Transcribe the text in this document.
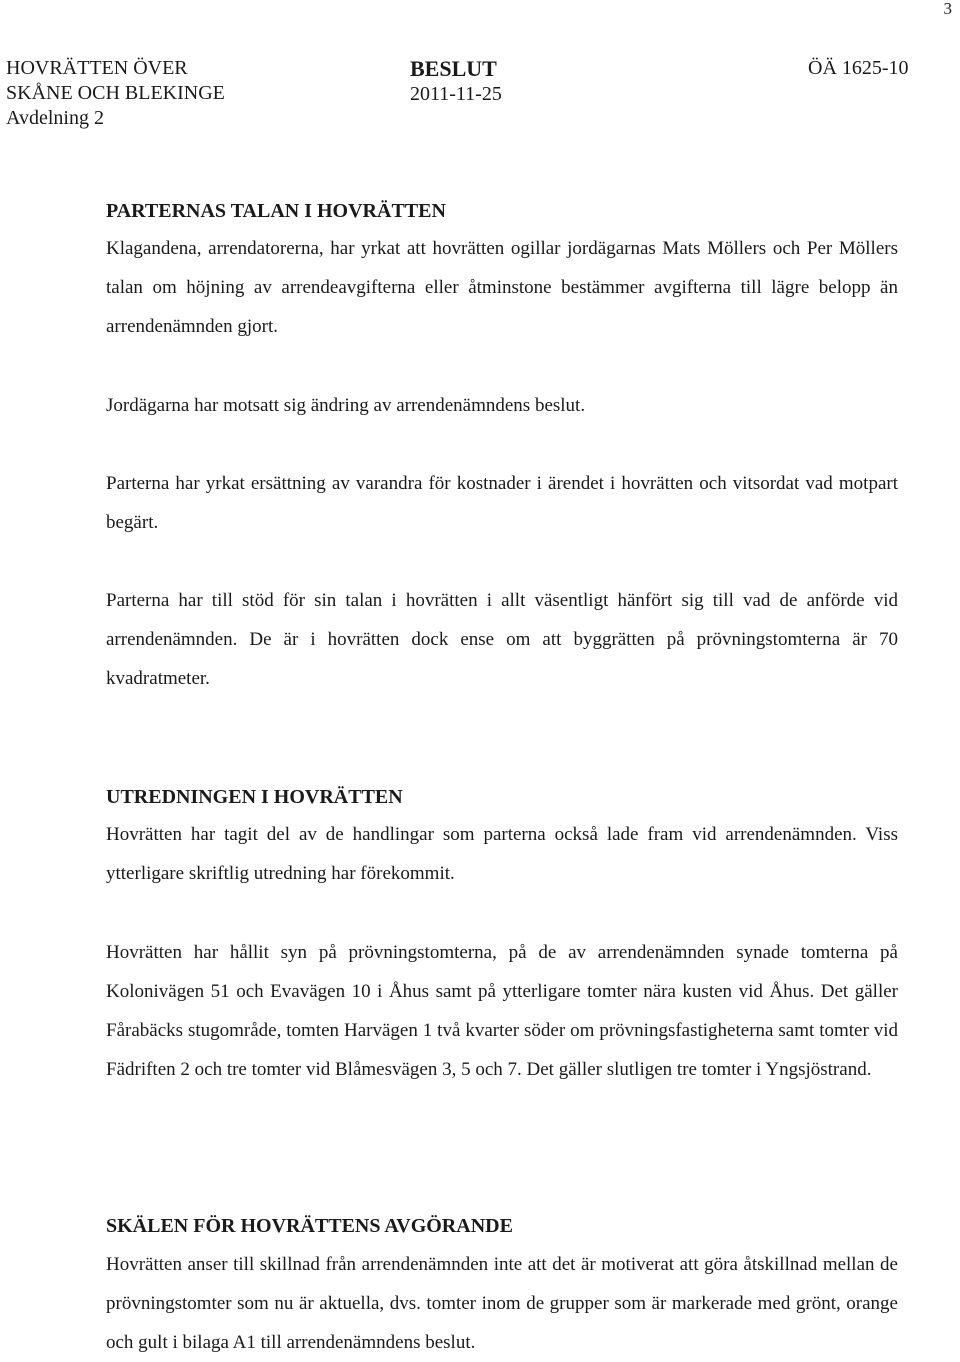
3
HOVRÄTTEN ÖVER
SKÅNE OCH BLEKINGE
Avdelning 2
BESLUT
2011-11-25
ÖÄ 1625-10
PARTERNAS TALAN I HOVRÄTTEN

Klagandena, arrendatorerna, har yrkat att hovrätten ogillar jordägarnas Mats Möllers och Per Möllers talan om höjning av arrendeavgifterna eller åtminstone bestämmer avgifterna till lägre belopp än arrendenämnden gjort.

Jordägarna har motsatt sig ändring av arrendenämndens beslut.

Parterna har yrkat ersättning av varandra för kostnader i ärendet i hovrätten och vitsordat vad motpart begärt.

Parterna har till stöd för sin talan i hovrätten i allt väsentligt hänfört sig till vad de anförde vid arrendenämnden. De är i hovrätten dock ense om att byggrätten på prövningstomterna är 70 kvadratmeter.

UTREDNINGEN I HOVRÄTTEN

Hovrätten har tagit del av de handlingar som parterna också lade fram vid arrendenämnden. Viss ytterligare skriftlig utredning har förekommit.

Hovrätten har hållit syn på prövningstomterna, på de av arrendenämnden synade tomterna på Kolonivägen 51 och Evavägen 10 i Åhus samt på ytterligare tomter nära kusten vid Åhus. Det gäller Fårabäcks stugområde, tomten Harvägen 1 två kvarter söder om prövningsfastigheterna samt tomter vid Fädriften 2 och tre tomter vid Blåmesvägen 3, 5 och 7. Det gäller slutligen tre tomter i Yngsjöstrand.

SKÄLEN FÖR HOVRÄTTENS AVGÖRANDE

Hovrätten anser till skillnad från arrendenämnden inte att det är motiverat att göra åtskillnad mellan de prövningstomter som nu är aktuella, dvs. tomter inom de grupper som är markerade med grönt, orange och gult i bilaga A1 till arrendenämndens beslut.
